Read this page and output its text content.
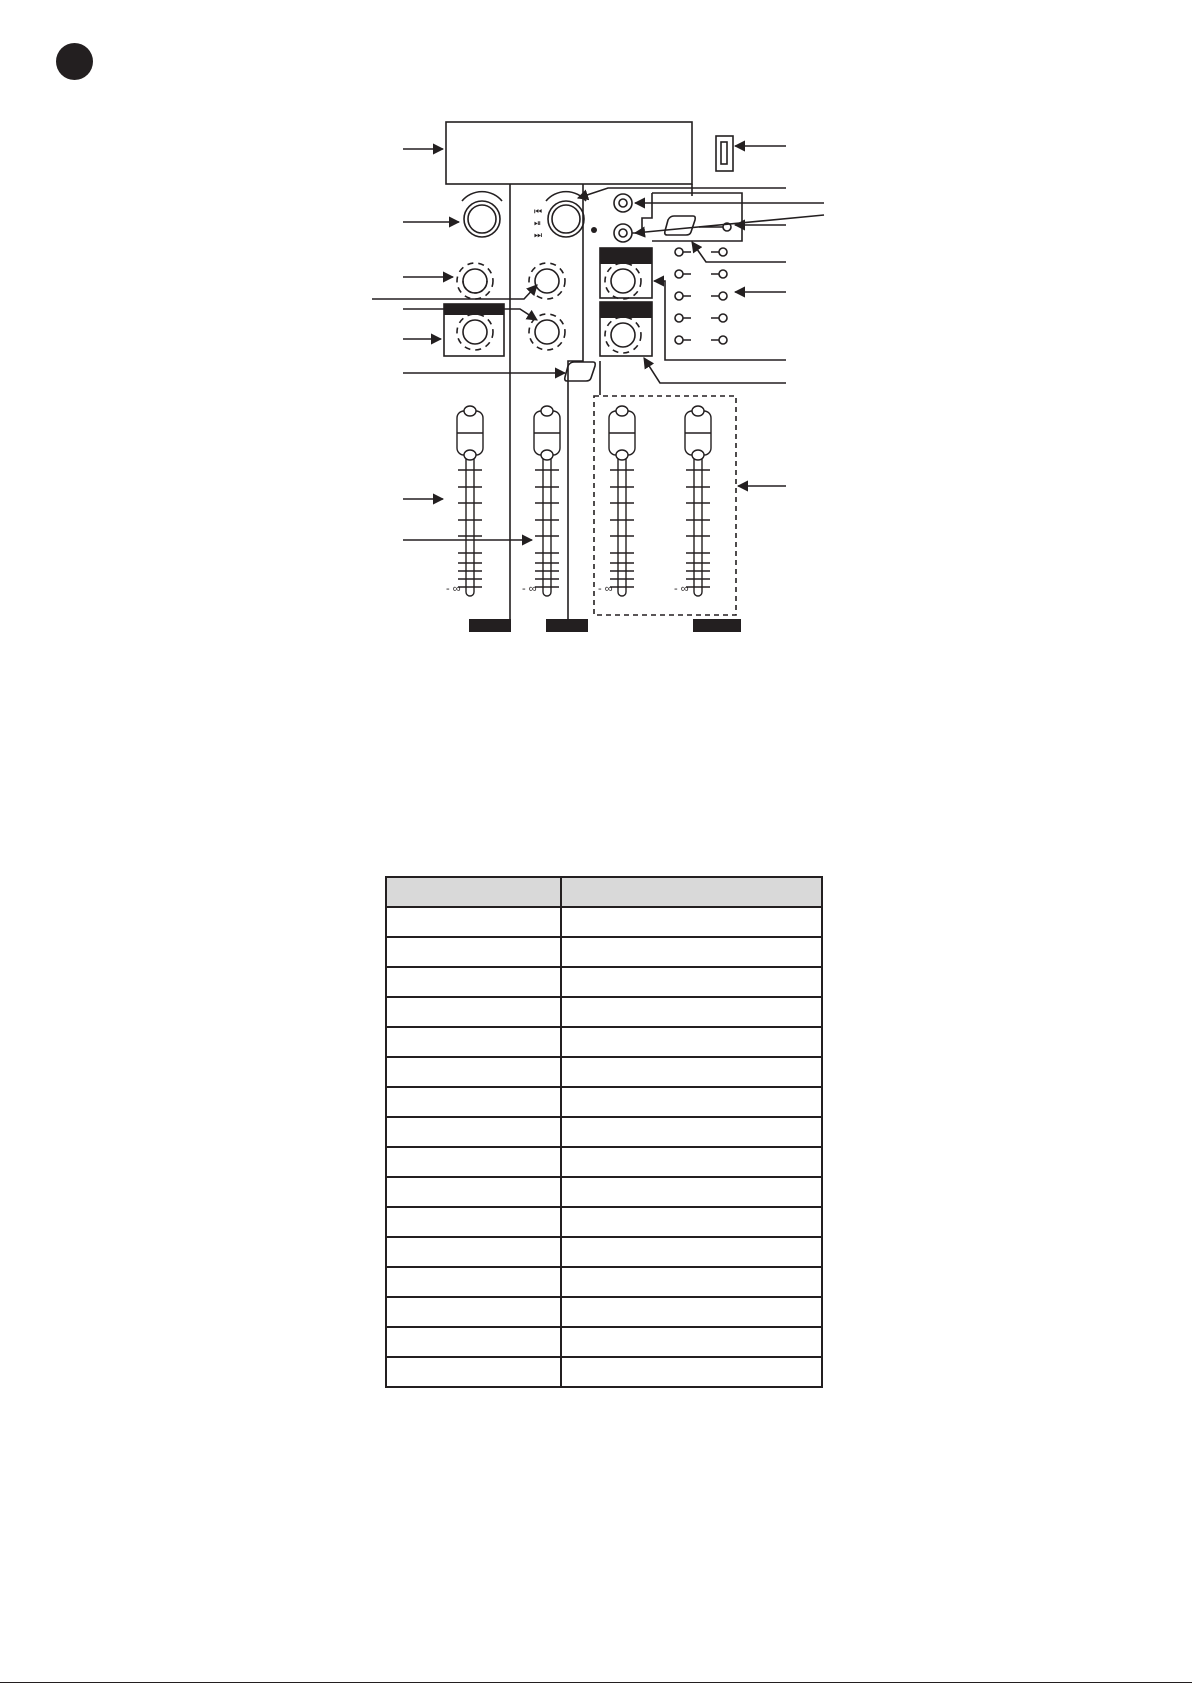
- ∞	- ∞	- ∞	- ∞
⏮
⏯
⏭
